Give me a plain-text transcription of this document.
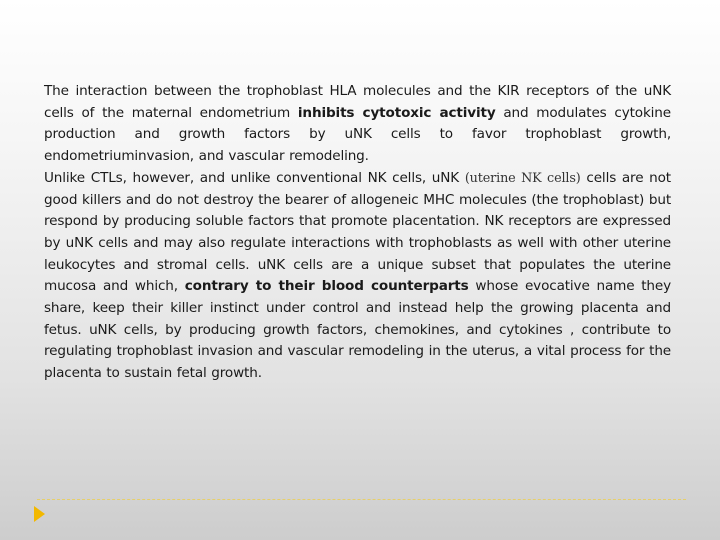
The interaction between the trophoblast HLA molecules and the KIR receptors of the uNK cells of the maternal endometrium inhibits cytotoxic activity and modulates cytokine production and growth factors by uNK cells to favor trophoblast growth, endometriuminvasion, and vascular remodeling.

Unlike CTLs, however, and unlike conventional NK cells, uNK (uterine NK cells) cells are not good killers and do not destroy the bearer of allogeneic MHC molecules (the trophoblast) but respond by producing soluble factors that promote placentation. NK receptors are expressed by uNK cells and may also regulate interactions with trophoblasts as well with other uterine leukocytes and stromal cells. uNK cells are a unique subset that populates the uterine mucosa and which, contrary to their blood counterparts whose evocative name they share, keep their killer instinct under control and instead help the growing placenta and fetus. uNK cells, by producing growth factors, chemokines, and cytokines , contribute to regulating trophoblast invasion and vascular remodeling in the uterus, a vital process for the placenta to sustain fetal growth.
